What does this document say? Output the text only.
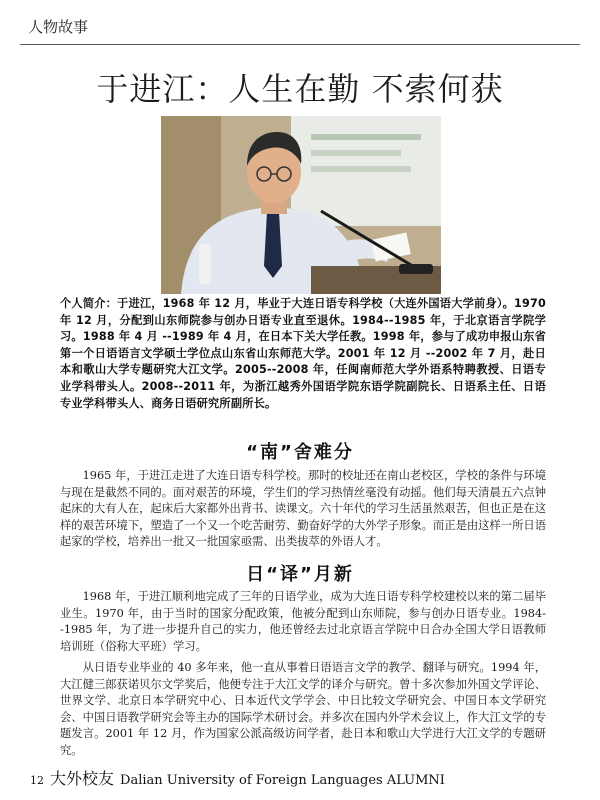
人物故事
于进江：人生在勤 不索何获
个人简介：于进江，1968 年 12 月，毕业于大连日语专科学校（大连外国语大学前身）。1970 年 12 月，分配到山东师院参与创办日语专业直至退休。1984--1985 年，于北京语言学院学习。1988 年 4 月 --1989 年 4 月，在日本下关大学任教。1998 年，参与了成功申报山东省第一个日语语言文学硕士学位点山东省山东师范大学。2001 年 12 月 --2002 年 7 月，赴日本和歌山大学专题研究大江文学。2005--2008 年，任闽南师范大学外语系特聘教授、日语专业学科带头人。2008--2011 年，为浙江越秀外国语学院东语学院副院长、日语系主任、日语专业学科带头人、商务日语研究所副所长。
“南”舍难分
1965 年，于进江走进了大连日语专科学校。那时的校址还在南山老校区，学校的条件与环境与现在是截然不同的。面对艰苦的环境，学生们的学习热情丝毫没有动摇。他们每天清晨五六点钟起床的大有人在，起床后大家都外出背书、读课文。六十年代的学习生活虽然艰苦，但也正是在这样的艰苦环境下，塑造了一个又一个吃苦耐劳、勤奋好学的大外学子形象。而正是由这样一所日语起家的学校，培养出一批又一批国家亟需、出类拔萃的外语人才。
日“译”月新
1968 年，于进江顺利地完成了三年的日语学业，成为大连日语专科学校建校以来的第二届毕业生。1970 年，由于当时的国家分配政策，他被分配到山东师院，参与创办日语专业。1984--1985 年，为了进一步提升自己的实力，他还曾经去过北京语言学院中日合办全国大学日语教师培训班（俗称大平班）学习。
从日语专业毕业的 40 多年来，他一直从事着日语语言文学的教学、翻译与研究。1994 年，大江健三郎获诺贝尔文学奖后，他便专注于大江文学的译介与研究。曾十多次参加外国文学评论、世界文学、北京日本学研究中心、日本近代文学学会、中日比较文学研究会、中国日本文学研究会、中国日语教学研究会等主办的国际学术研讨会。并多次在国内外学术会议上，作大江文学的专题发言。2001 年 12 月，作为国家公派高级访问学者，赴日本和歌山大学进行大江文学的专题研究。
12 大外校友 Dalian University of Foreign Languages ALUMNI
